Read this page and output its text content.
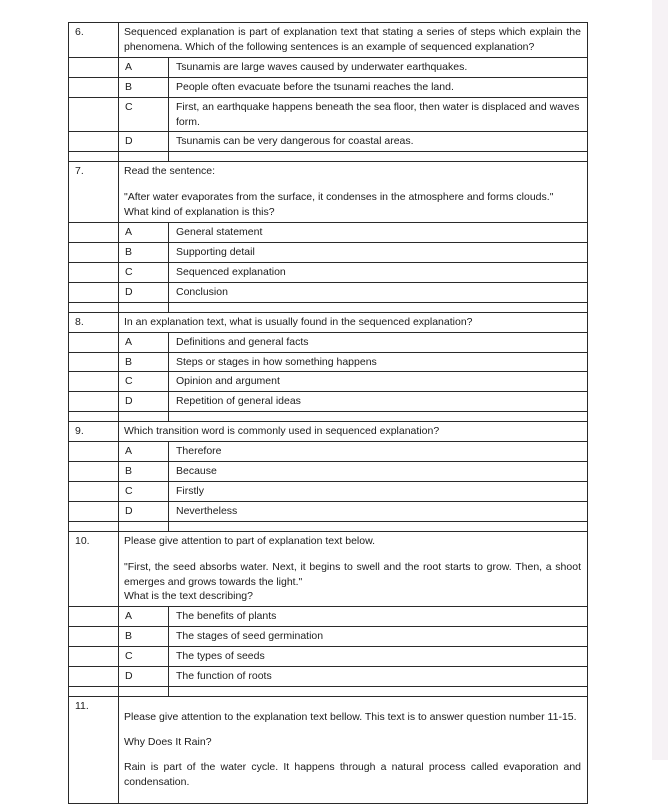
6.	Sequenced explanation is part of explanation text that stating a series of steps which explain the phenomena. Which of the following sentences is an example of sequenced explanation?	

	A	Tsunamis are large waves caused by underwater earthquakes.
	B	People often evacuate before the tsunami reaches the land.
	C	First, an earthquake happens beneath the sea floor, then water is displaced and waves form.
	D	Tsunamis can be very dangerous for coastal areas.

7.	Read the sentence:

"After water evaporates from the surface, it condenses in the atmosphere and forms clouds."

What kind of explanation is this?	

	A	General statement
	B	Supporting detail
	C	Sequenced explanation
	D	Conclusion

8.	In an explanation text, what is usually found in the sequenced explanation?	

	A	Definitions and general facts
	B	Steps or stages in how something happens
	C	Opinion and argument
	D	Repetition of general ideas

9.	Which transition word is commonly used in sequenced explanation?	

	A	Therefore
	B	Because
	C	Firstly
	D	Nevertheless

10.	Please give attention to part of explanation text below.

"First, the seed absorbs water. Next, it begins to swell and the root starts to grow. Then, a shoot emerges and grows towards the light."

What is the text describing?	

	A	The benefits of plants
	B	The stages of seed germination
	C	The types of seeds
	D	The function of roots

11.	Please give attention to the explanation text bellow. This text is to answer question number 11-15.

Why Does It Rain?

Rain is part of the water cycle. It happens through a natural process called evaporation and condensation.	
